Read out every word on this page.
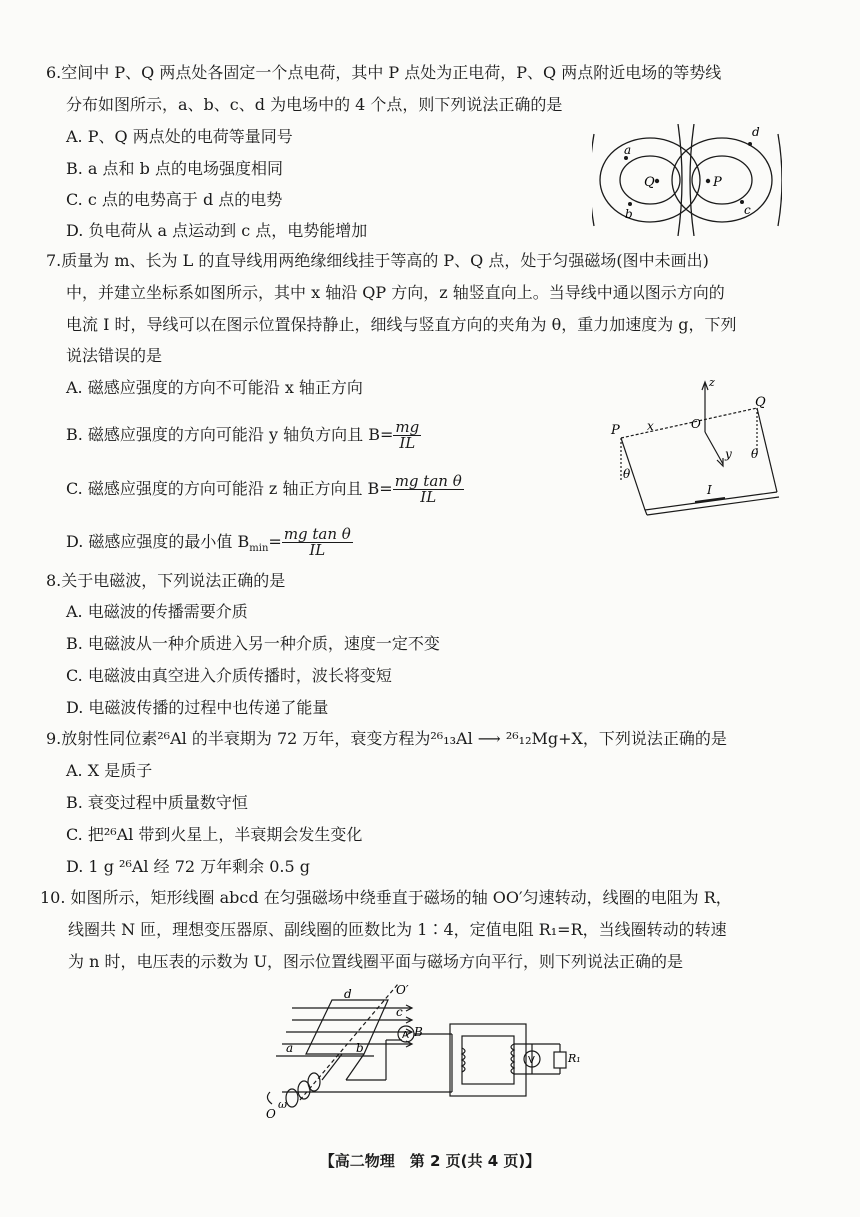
6.空间中 P、Q 两点处各固定一个点电荷，其中 P 点处为正电荷，P、Q 两点附近电场的等势线
分布如图所示，a、b、c、d 为电场中的 4 个点，则下列说法正确的是
A. P、Q 两点处的电荷等量同号
B. a 点和 b 点的电场强度相同
C. c 点的电势高于 d 点的电势
D. 负电荷从 a 点运动到 c 点，电势能增加
a
b	c
d
Q	P
7.质量为 m、长为 L 的直导线用两绝缘细线挂于等高的 P、Q 点，处于匀强磁场(图中未画出)
中，并建立坐标系如图所示，其中 x 轴沿 QP 方向，z 轴竖直向上。当导线中通以图示方向的
电流 I 时，导线可以在图示位置保持静止，细线与竖直方向的夹角为 θ，重力加速度为 g，下列
说法错误的是
A. 磁感应强度的方向不可能沿 x 轴正方向
B. 磁感应强度的方向可能沿 y 轴负方向且 $B= \frac{mg}{IL}$
C. 磁感应强度的方向可能沿 z 轴正方向且 $B= \frac{\text{mg tan θ}}{IL}$
D. 磁感应强度的最小值 $B_{min}= \frac{\text{mg tan θ}}{IL}$
z
Q
P x	O
y
θ
θ
I
8.关于电磁波，下列说法正确的是
A. 电磁波的传播需要介质
B. 电磁波从一种介质进入另一种介质，速度一定不变
C. 电磁波由真空进入介质传播时，波长将变短
D. 电磁波传播的过程中也传递了能量
9.放射性同位素²⁶Al 的半衰期为 72 万年，衰变方程为²⁶₁₃Al ⟶ ²⁶₁₂Mg+X，下列说法正确的是
A. X 是质子
B. 衰变过程中质量数守恒
C. 把²⁶Al 带到火星上，半衰期会发生变化
D. 1 g ²⁶Al 经 72 万年剩余 0.5 g
10. 如图所示，矩形线圈 abcd 在匀强磁场中绕垂直于磁场的轴 OO′匀速转动，线圈的电阻为 R，
线圈共 N 匝，理想变压器原、副线圈的匝数比为 1∶4，定值电阻 R₁=R，当线圈转动的转速
为 n 时，电压表的示数为 U，图示位置线圈平面与磁场方向平行，则下列说法正确的是
d	O′
c
B
a	b
A
O
ω
V	R₁
【高二物理　第 2 页(共 4 页)】
